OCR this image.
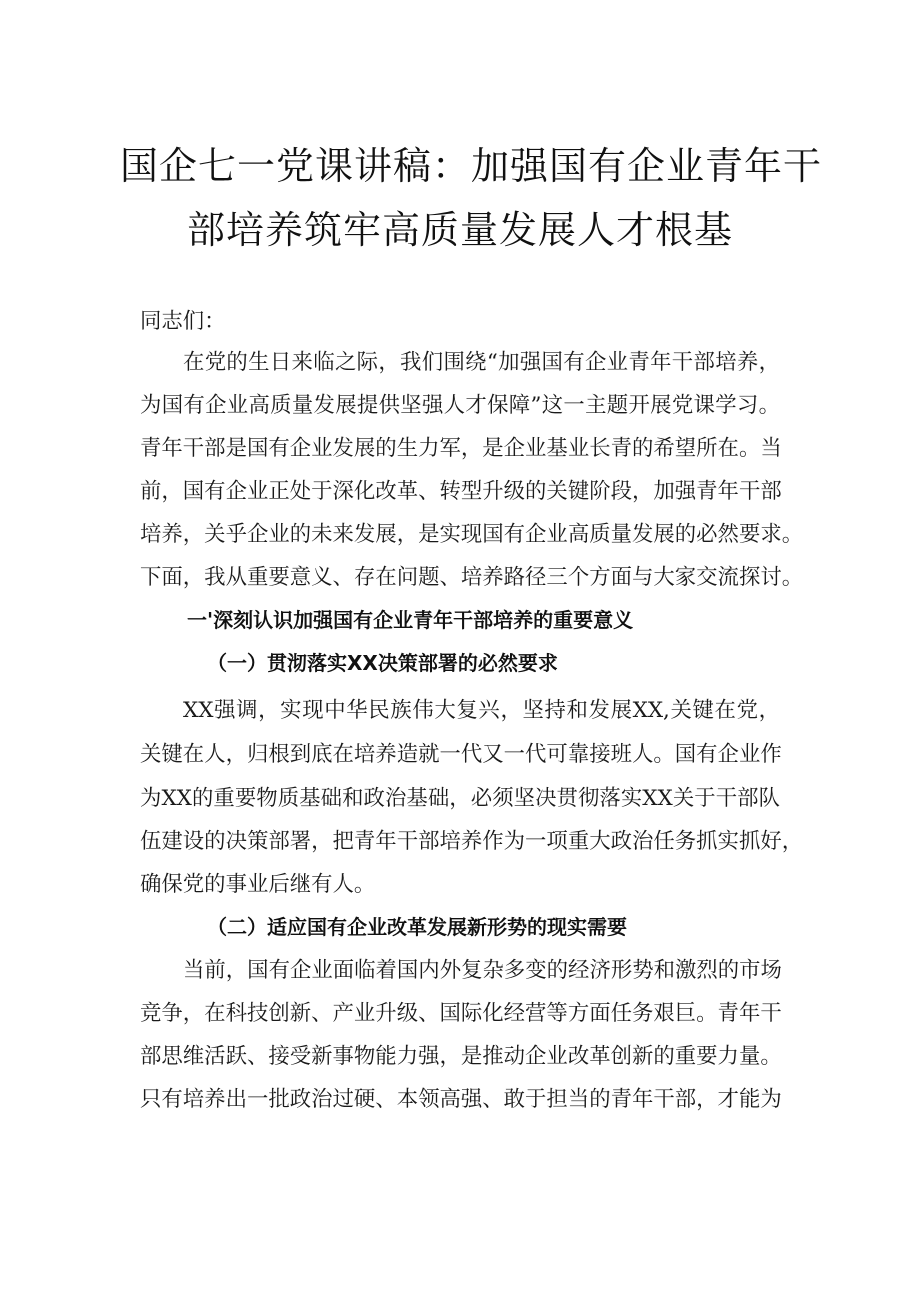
国企七一党课讲稿：加强国有企业青年干
部培养筑牢高质量发展人才根基
同志们：
在党的生日来临之际，我们围绕“加强国有企业青年干部培养，
为国有企业高质量发展提供坚强人才保障”这一主题开展党课学习。
青年干部是国有企业发展的生力军，是企业基业长青的希望所在。当
前，国有企业正处于深化改革、转型升级的关键阶段，加强青年干部
培养，关乎企业的未来发展，是实现国有企业高质量发展的必然要求。
下面，我从重要意义、存在问题、培养路径三个方面与大家交流探讨。
一'深刻认识加强国有企业青年干部培养的重要意义
（一）贯沏落实XX决策部署的必然要求
XX强调，实现中华民族伟大复兴，坚持和发展XX,关键在党，
关键在人，归根到底在培养造就一代又一代可靠接班人。国有企业作
为XX的重要物质基础和政治基础，必须坚决贯彻落实XX关于干部队
伍建设的决策部署，把青年干部培养作为一项重大政治任务抓实抓好，
确保党的事业后继有人。
（二）适应国有企业改革发展新形势的现实需要
当前，国有企业面临着国内外复杂多变的经济形势和激烈的市场
竞争，在科技创新、产业升级、国际化经营等方面任务艰巨。青年干
部思维活跃、接受新事物能力强，是推动企业改革创新的重要力量。
只有培养出一批政治过硬、本领高强、敢于担当的青年干部，才能为
